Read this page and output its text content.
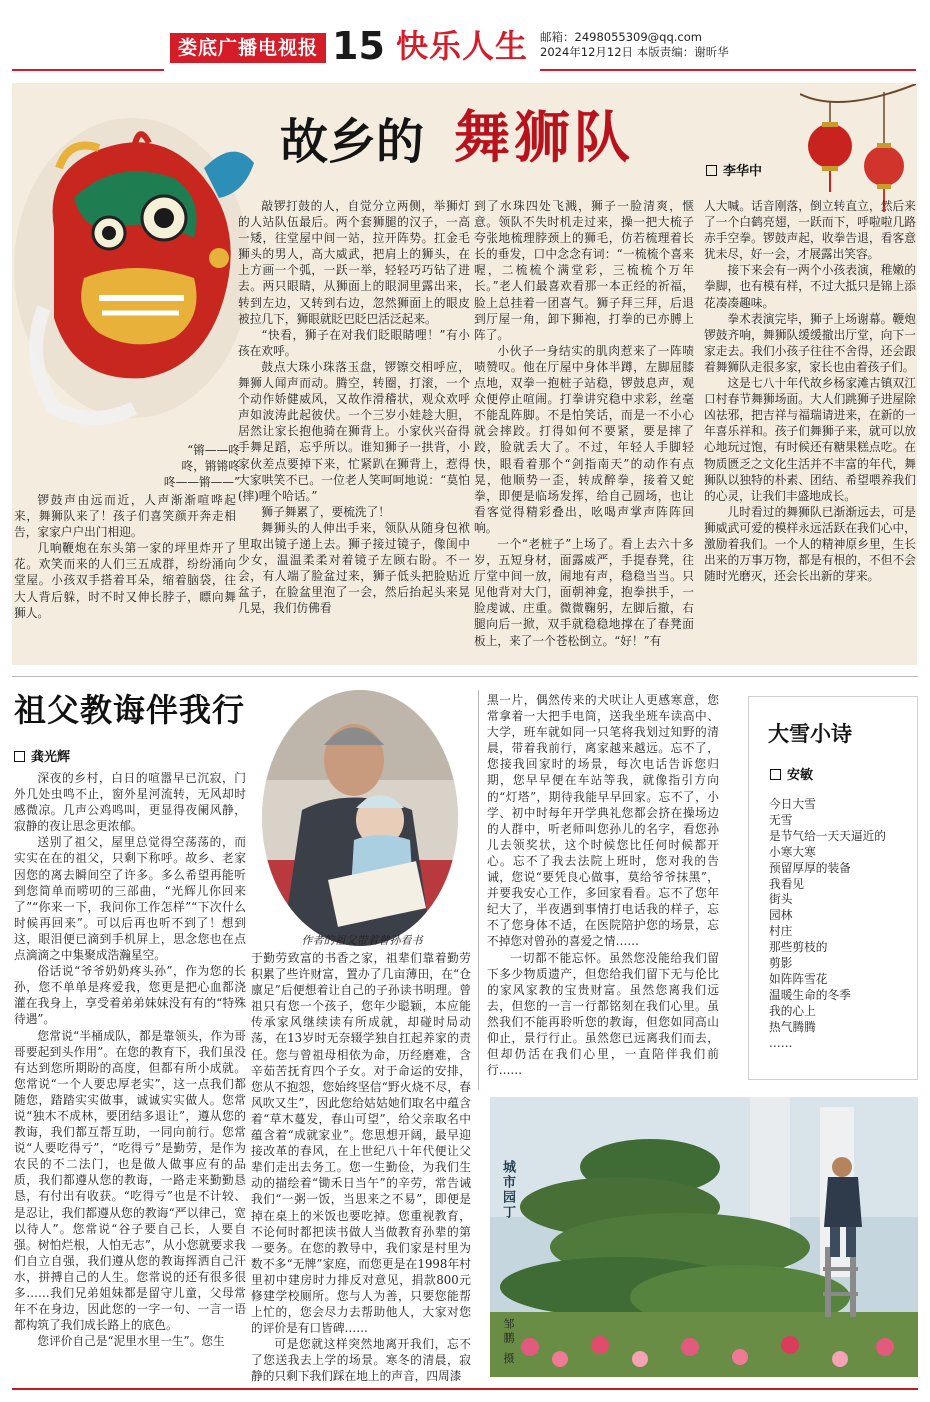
娄底广播电视报 15 快乐人生 邮箱：2498055309@qq.com
2024年12月12日 本版责编：谢昕华
故乡的 舞狮队
李华中

敲锣打鼓的人，自觉分立两侧，举狮灯的人站队伍最后。两个套狮腿的汉子，一高一矮，往堂屋中间一站，拉开阵势。扛金毛狮头的男人，高大威武，把肩上的狮头，在上方画一个弧，一跃一举，轻轻巧巧钻了进去。两只眼睛，从狮面上的眼洞里露出来，转到左边，又转到右边，忽然狮面上的眼皮被拉几下，狮眼就眨巴眨巴活泛起来。

“快看，狮子在对我们眨眼睛哩！”有小孩在欢呼。

鼓点大珠小珠落玉盘，锣镲交相呼应，舞狮人闻声而动。腾空，转圈，打滚，一个个动作娇健威风，又故作滑稽状，观众欢呼声如波涛此起彼伏。一个三岁小娃趁大胆，居然让家长抱他骑在狮背上。小家伙兴奋得手舞足蹈，忘乎所以。谁知狮子一拱背，小家伙差点要掉下来，忙紧趴在狮背上，惹得大家哄笑不已。一位老人笑呵呵地说：“莫怕(摔)哩个哈话。”

狮子舞累了，要梳洗了！

舞狮头的人伸出手来，领队从随身包袱里取出镜子递上去。狮子接过镜子，像闺中少女，温温柔柔对着镜子左顾右盼。不一会，有人端了脸盆过来，狮子低头把脸贴近盆子，在脸盆里泡了一会，然后抬起头来晃几晃，我们仿佛看

“锵——咚
咚，锵锵咚
咚——锵——”

锣鼓声由远而近，人声渐渐喧哗起来，舞狮队来了！孩子们喜笑颜开奔走相告，家家户户出门相迎。

几响鞭炮在东头第一家的坪里炸开了花。欢笑而来的人们三五成群，纷纷涌向堂屋。小孩双手搭着耳朵，缩着脑袋，往大人背后躲，时不时又伸长脖子，瞟向舞狮人。

到了水珠四处飞溅，狮子一脸清爽，惬意。领队不失时机走过来，操一把大梳子夸张地梳理脖颈上的狮毛，仿若梳理着长长的垂发，口中念念有词：“一梳梳个喜来喔，二梳梳个满堂彩，三梳梳个万年长。”老人们最喜欢看那一本正经的祈福，脸上总挂着一团喜气。狮子拜三拜，后退到厅屋一角，卸下狮袍，打拳的已亦膊上阵了。

小伙子一身结实的肌肉惹来了一阵啧啧赞叹。他在厅屋中身体半蹲，左脚屈膝点地，双拳一抱桩子站稳，锣鼓息声，观众便停止喧闹。打拳讲究稳中求彩，丝毫不能乱阵脚。不是怕笑话，而是一不小心就会摔跤。打得如何不要紧，要是摔了跤，脸就丢大了。不过，年轻人手脚轻快，眼看着那个“剑指南天”的动作有点晃，他顺势一歪，转成醉拳，接着又蛇拳，即便是临场发挥，给自己圆场，也让看客觉得精彩叠出，吆喝声掌声阵阵回响。

一个“老桩子”上场了。看上去六十多岁，五短身材，面露威严，手提春凳，往厅堂中间一放，闹地有声，稳稳当当。只见他背对大门，面朝神龛，抱拳拱手，一脸虔诚、庄重。微微鞠躬，左脚后撤，右腿向后一掀，双手就稳稳地撑在了春凳面板上，来了一个苍松倒立。“好！”有

人大喊。话音刚落，倒立转直立，然后来了一个白鹤亮翅，一跃而下，呼啦啦几路赤手空拳。锣鼓声起，收拳告退，看客意犹未尽，好一会，才展露出笑容。

接下来会有一两个小孩表演，稚嫩的拳脚，也有模有样，不过大抵只是锦上添花凑凑趣味。

拳术表演完毕，狮子上场谢幕。鞭炮锣鼓齐响，舞狮队缓缓撤出厅堂，向下一家走去。我们小孩子往往不舍得，还会跟着舞狮队走很多家，家长也由着孩子们。

这是七八十年代故乡杨家滩古镇双江口村春节舞狮场面。大人们跳狮子进屋除凶祛邪，把吉祥与福瑞请进来，在新的一年喜乐祥和。孩子们舞狮子来，就可以放心地玩过饱，有时候还有糖果糕点吃。在物质匮乏之文化生活并不丰富的年代，舞狮队以独特的朴素、团结、希望喂养我们的心灵，让我们丰盛地成长。

儿时看过的舞狮队已渐渐远去，可是狮威武可爱的模样永远活跃在我们心中，激励着我们。一个人的精神原乡里，生长出来的万事万物，都是有根的，不但不会随时光磨灭，还会长出新的芽来。

祖父教诲伴我行
龚光辉
作者的祖父带着曾孙看书

深夜的乡村，白日的喧嚣早已沉寂，门外几处虫鸣不止，窗外星河流转，无风却时感微凉。几声公鸡鸣叫，更显得夜阑风静，寂静的夜让思念更浓郁。

送别了祖父，屋里总觉得空荡荡的，而实实在在的祖父，只剩下称呼。故乡、老家因您的离去瞬间空了许多。多么希望再能听到您简单而唠叨的三部曲，“光辉儿你回来了”“你来一下，我问你工作怎样”“下次什么时候再回来”。可以后再也听不到了！想到这，眼泪便已滴到手机屏上，思念您也在点点滴滴之中集聚成浩瀚星空。

俗话说“爷爷奶奶疼头孙”，作为您的长孙，您不单单是疼爱我，您更是把心血都浇灌在我身上，享受着弟弟妹妹没有有的“特殊待遇”。

您常说“半桶成队，都是靠领头，作为哥哥要起到头作用”。在您的教育下，我们虽没有达到您所期盼的高度，但都有所小成就。您常说“一个人要忠厚老实”，这一点我们都随您，踏踏实实做事，诚诚实实做人。您常说“独木不成林，要团结多退让”，遵从您的教诲，我们都互帮互助，一同向前行。您常说“人要吃得亏”，“吃得亏”是勤劳，是作为农民的不二法门，也是做人做事应有的品质，我们都遵从您的教诲，一路走来勤勤恳恳，有付出有收获。“吃得亏”也是不计较、是忍让，我们都遵从您的教诲“严以律己，宽以待人”。您常说“谷子要自己长，人要自强。树怕烂根，人怕无志”，从小您就要求我们自立自强，我们遵从您的教诲挥洒自己汗水，拼搏自己的人生。您常说的还有很多很多……我们兄弟姐妹都是留守儿童，父母常年不在身边，因此您的一字一句、一言一语都构筑了我们成长路上的底色。

您评价自己是“泥里水里一生”。您生

于勤劳致富的书香之家，祖辈们靠着勤劳积累了些许财富，置办了几亩薄田，在“仓廪足”后便想着让自己的子孙读书明理。曾祖只有您一个孩子，您年少聪颖，本应能传承家风继续读有所成就，却碰时局动荡，在13岁时无奈辍学独自扛起养家的责任。您与曾祖母相依为命，历经磨难，含辛茹苦抚育四个子女。对于命运的安排，您从不抱怨，您始终坚信“野火烧不尽，春风吹又生”，因此您给姑姑她们取名中蕴含着“草木蔓发，春山可望”，给父亲取名中蕴含着“成就家业”。您思想开阔，最早迎接改革的春风，在上世纪八十年代便让父辈们走出去务工。您一生勤俭，为我们生动的描绘着“锄禾日当午”的辛劳，常告诫我们“一粥一饭，当思来之不易”，即便是掉在桌上的米饭也要吃掉。您重视教育，不论何时都把读书做人当做教育孙辈的第一要务。在您的教导中，我们家是村里为数不多“无牌”家庭，而您更是在1998年村里初中建房时力排反对意见，捐款800元修建学校厕所。您与人为善，只要您能帮上忙的，您会尽力去帮助他人，大家对您的评价是有口皆碑……

可是您就这样突然地离开我们，忘不了您送我去上学的场景。寒冬的清晨，寂静的只剩下我们踩在地上的声音，四周漆

黑一片，偶然传来的犬吠让人更感寒意，您常拿着一大把手电筒，送我坐班车读高中、大学，班车就如同一只笔将我划过知野的清晨，带着我前行，离家越来越远。忘不了，您接我回家时的场景，每次电话告诉您归期，您早早便在车站等我，就像指引方向的“灯塔”，期待我能早早回家。忘不了，小学、初中时每年开学典礼您都会挤在操场边的人群中，听老师叫您孙儿的名字，看您孙儿去领奖状，这个时候您比任何时候都开心。忘不了我去法院上班时，您对我的告诫，您说“要凭良心做事，莫给爷爷抹黑”，并要我安心工作，多回家看看。忘不了您年纪大了，半夜遇到事情打电话我的样子，忘不了您身体不适，在医院陪护您的场景，忘不掉您对曾孙的喜爱之情……

一切都不能忘怀。虽然您没能给我们留下多少物质遗产，但您给我们留下无与伦比的家风家教的宝贵财富。虽然您离我们远去，但您的一言一行都铭刻在我们心里。虽然我们不能再聆听您的教诲，但您如同高山仰止，景行行止。虽然您已远离我们而去，但却仍活在我们心里，一直陪伴我们前行……

大雪小诗
安敏
今日大雪
无雪
是节气给一天天逼近的
小寒大寒
预留厚厚的装备
我看见
街头
园林
村庄
那些剪枝的
剪影
如阵阵雪花
温暖生命的冬季
我的心上
热气腾腾
……
城市园丁
邹鹏 摄
